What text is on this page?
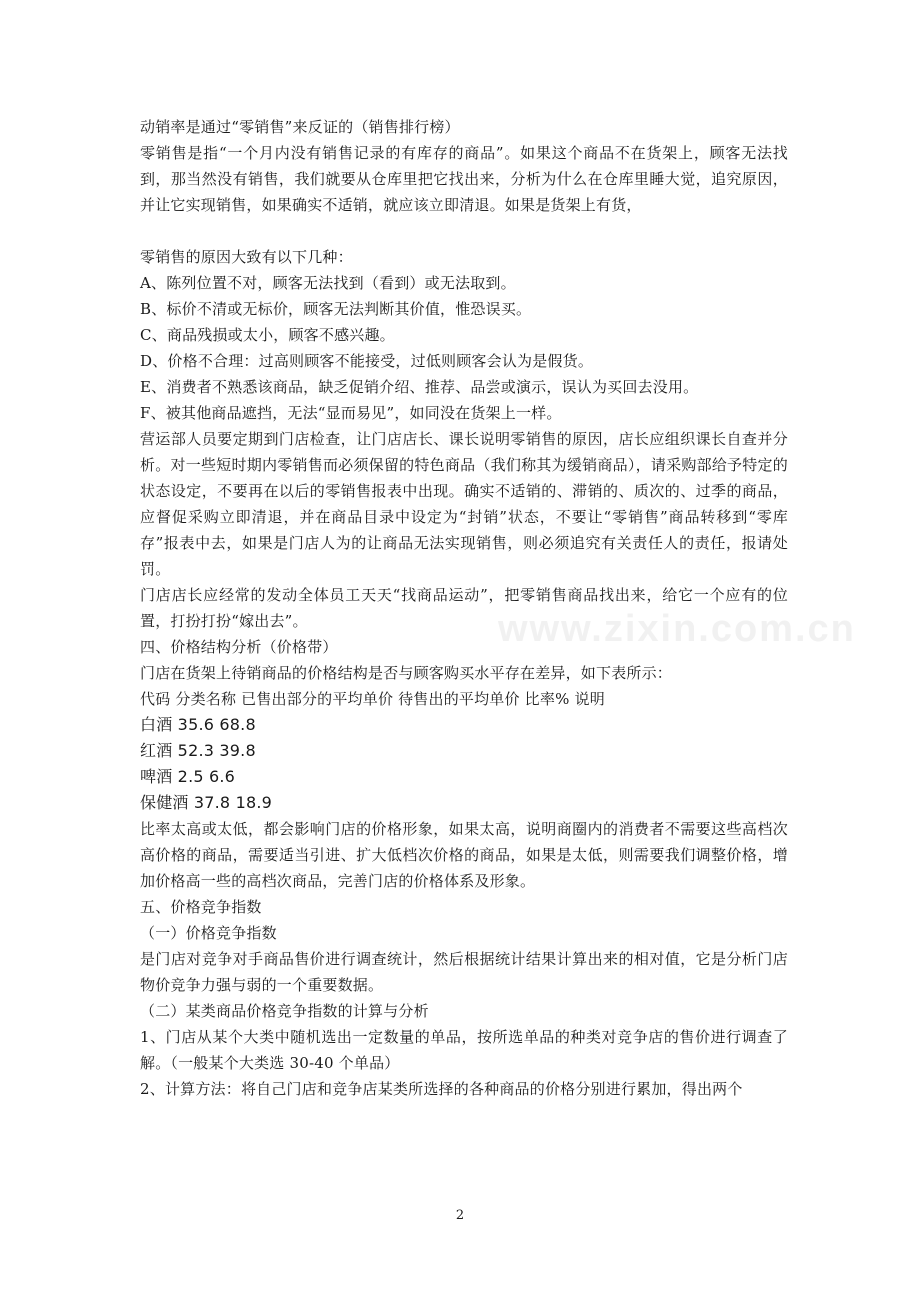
动销率是通过“零销售”来反证的（销售排行榜）

零销售是指“一个月内没有销售记录的有库存的商品”。如果这个商品不在货架上，顾客无法找到，那当然没有销售，我们就要从仓库里把它找出来，分析为什么在仓库里睡大觉，追究原因，并让它实现销售，如果确实不适销，就应该立即清退。如果是货架上有货，

零销售的原因大致有以下几种：

A、陈列位置不对，顾客无法找到（看到）或无法取到。

B、标价不清或无标价，顾客无法判断其价值，惟恐误买。

C、商品残损或太小，顾客不感兴趣。

D、价格不合理：过高则顾客不能接受，过低则顾客会认为是假货。

E、消费者不熟悉该商品，缺乏促销介绍、推荐、品尝或演示，误认为买回去没用。

F、被其他商品遮挡，无法“显而易见”，如同没在货架上一样。

营运部人员要定期到门店检查，让门店店长、课长说明零销售的原因，店长应组织课长自查并分析。对一些短时期内零销售而必须保留的特色商品（我们称其为缓销商品），请采购部给予特定的状态设定，不要再在以后的零销售报表中出现。确实不适销的、滞销的、质次的、过季的商品，应督促采购立即清退，并在商品目录中设定为“封销”状态，不要让“零销售”商品转移到“零库存”报表中去，如果是门店人为的让商品无法实现销售，则必须追究有关责任人的责任，报请处罚。

门店店长应经常的发动全体员工天天“找商品运动”，把零销售商品找出来，给它一个应有的位置，打扮打扮“嫁出去”。

四、价格结构分析（价格带）

门店在货架上待销商品的价格结构是否与顾客购买水平存在差异，如下表所示：

代码 分类名称 已售出部分的平均单价 待售出的平均单价 比率% 说明

白酒 35.6 68.8

红酒 52.3 39.8

啤酒 2.5 6.6

保健酒 37.8 18.9

比率太高或太低，都会影响门店的价格形象，如果太高，说明商圈内的消费者不需要这些高档次高价格的商品，需要适当引进、扩大低档次价格的商品，如果是太低，则需要我们调整价格，增加价格高一些的高档次商品，完善门店的价格体系及形象。

五、价格竞争指数

（一）价格竞争指数

是门店对竞争对手商品售价进行调查统计，然后根据统计结果计算出来的相对值，它是分析门店物价竞争力强与弱的一个重要数据。

（二）某类商品价格竞争指数的计算与分析

1、门店从某个大类中随机选出一定数量的单品，按所选单品的种类对竞争店的售价进行调查了解。（一般某个大类选 30-40 个单品）

2、计算方法：将自己门店和竞争店某类所选择的各种商品的价格分别进行累加，得出两个

www.zixin.com.cn
2
